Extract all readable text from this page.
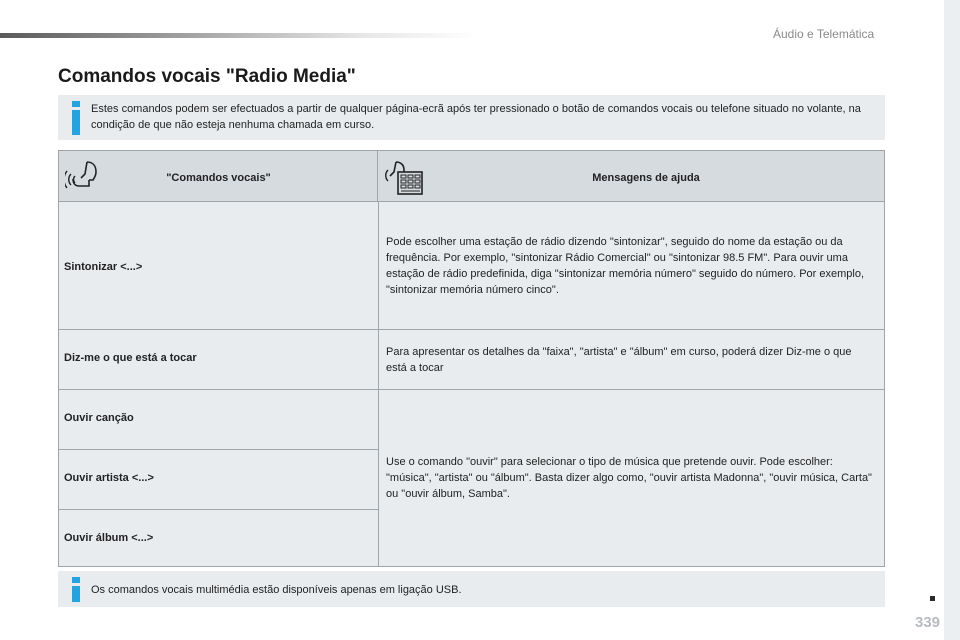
Áudio e Telemática
Comandos vocais "Radio Media"

Estes comandos podem ser efectuados a partir de qualquer página-ecrã após ter pressionado o botão de comandos vocais ou telefone situado no volante, na condição de que não esteja nenhuma chamada em curso.

"Comandos vocais"	Mensagens de ajuda
Sintonizar <...>

Pode escolher uma estação de rádio dizendo "sintonizar", seguido do nome da estação ou da frequência. Por exemplo, "sintonizar Rádio Comercial" ou "sintonizar 98.5 FM". Para ouvir uma estação de rádio predefinida, diga "sintonizar memória número" seguido do número. Por exemplo, "sintonizar memória número cinco".

Diz-me o que está a tocar	Para apresentar os detalhes da "faixa", "artista" e "álbum" em curso, poderá dizer Diz-me o que está a tocar

Ouvir canção
Ouvir artista <...>
Ouvir álbum <...>

Use o comando "ouvir" para selecionar o tipo de música que pretende ouvir. Pode escolher: "música", "artista" ou "álbum". Basta dizer algo como, "ouvir artista Madonna", "ouvir música, Carta" ou "ouvir álbum, Samba".

Os comandos vocais multimédia estão disponíveis apenas em ligação USB.

339
